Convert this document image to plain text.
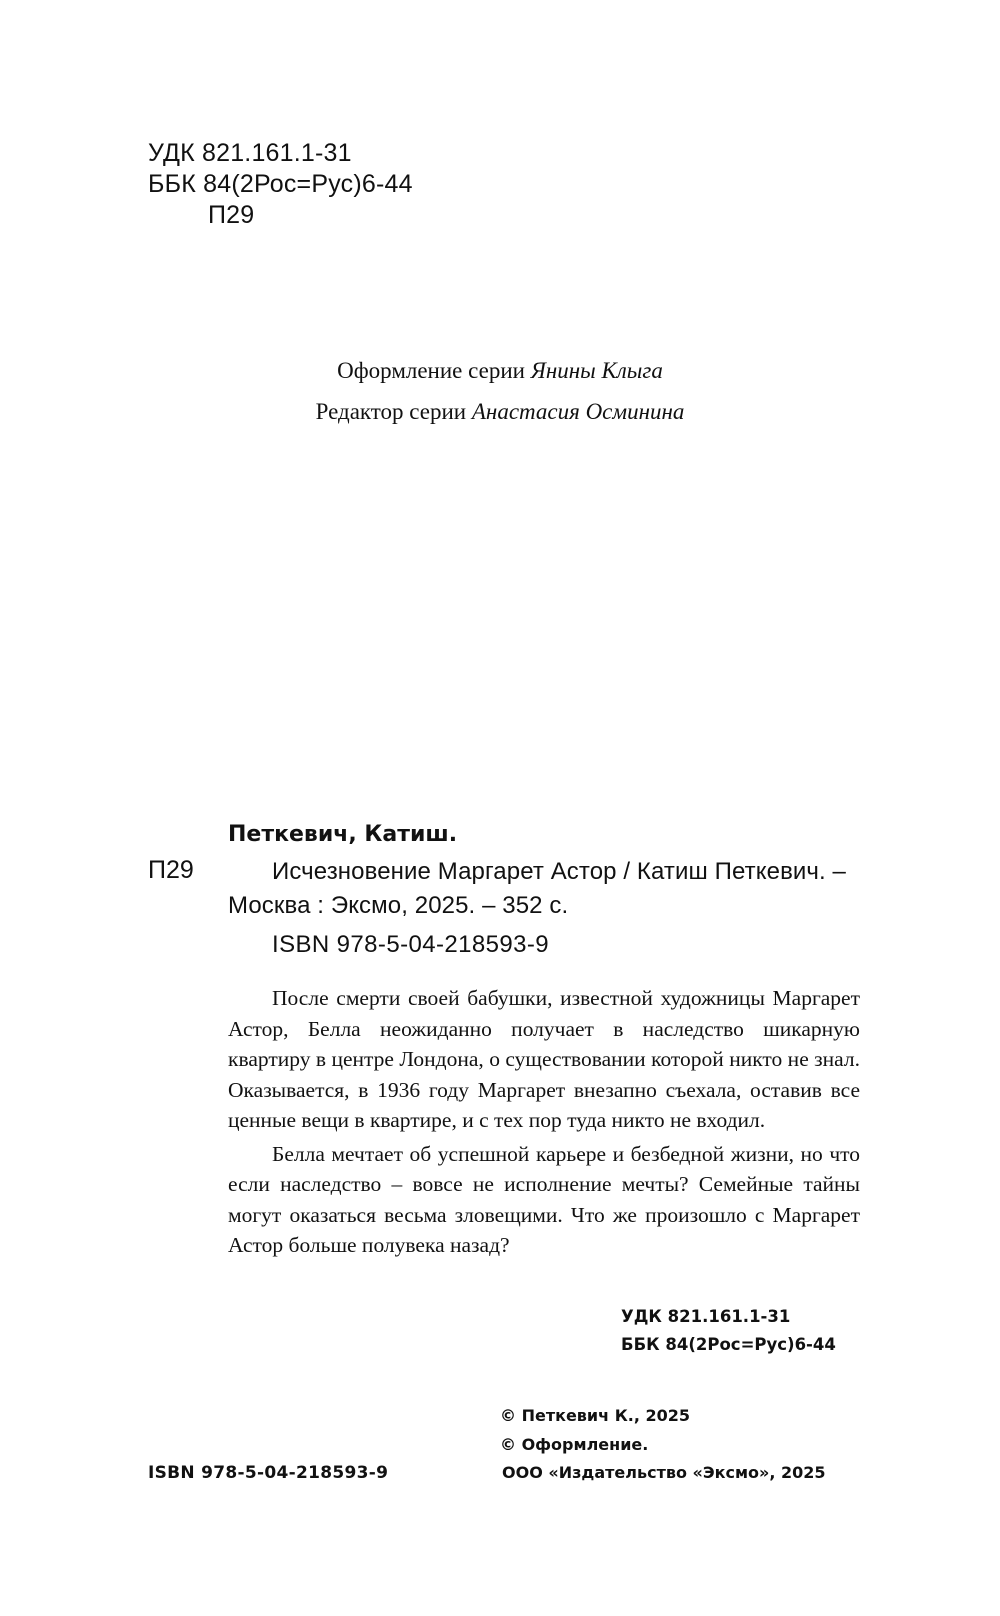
УДК 821.161.1-31
ББК 84(2Рос=Рус)6-44
П29
Оформление серии Янины Клыга
Редактор серии Анастасия Осминина
Петкевич, Катиш.
П29	Исчезновение Маргарет Астор / Катиш Петкевич. –
Москва : Эксмо, 2025. – 352 с.
ISBN 978-5-04-218593-9

После смерти своей бабушки, известной художницы Маргарет Астор, Белла неожиданно получает в наследство шикарную квартиру в центре Лондона, о существовании которой никто не знал. Оказывается, в 1936 году Маргарет внезапно съехала, оставив все ценные вещи в квартире, и с тех пор туда никто не входил.

Белла мечтает об успешной карьере и безбедной жизни, но что если наследство – вовсе не исполнение мечты? Семейные тайны могут оказаться весьма зловещими. Что же произошло с Маргарет Астор больше полувека назад?

УДК 821.161.1-31
ББК 84(2Рос=Рус)6-44
ISBN 978-5-04-218593-9
© Петкевич К., 2025
© Оформление.
ООО «Издательство «Эксмо», 2025
